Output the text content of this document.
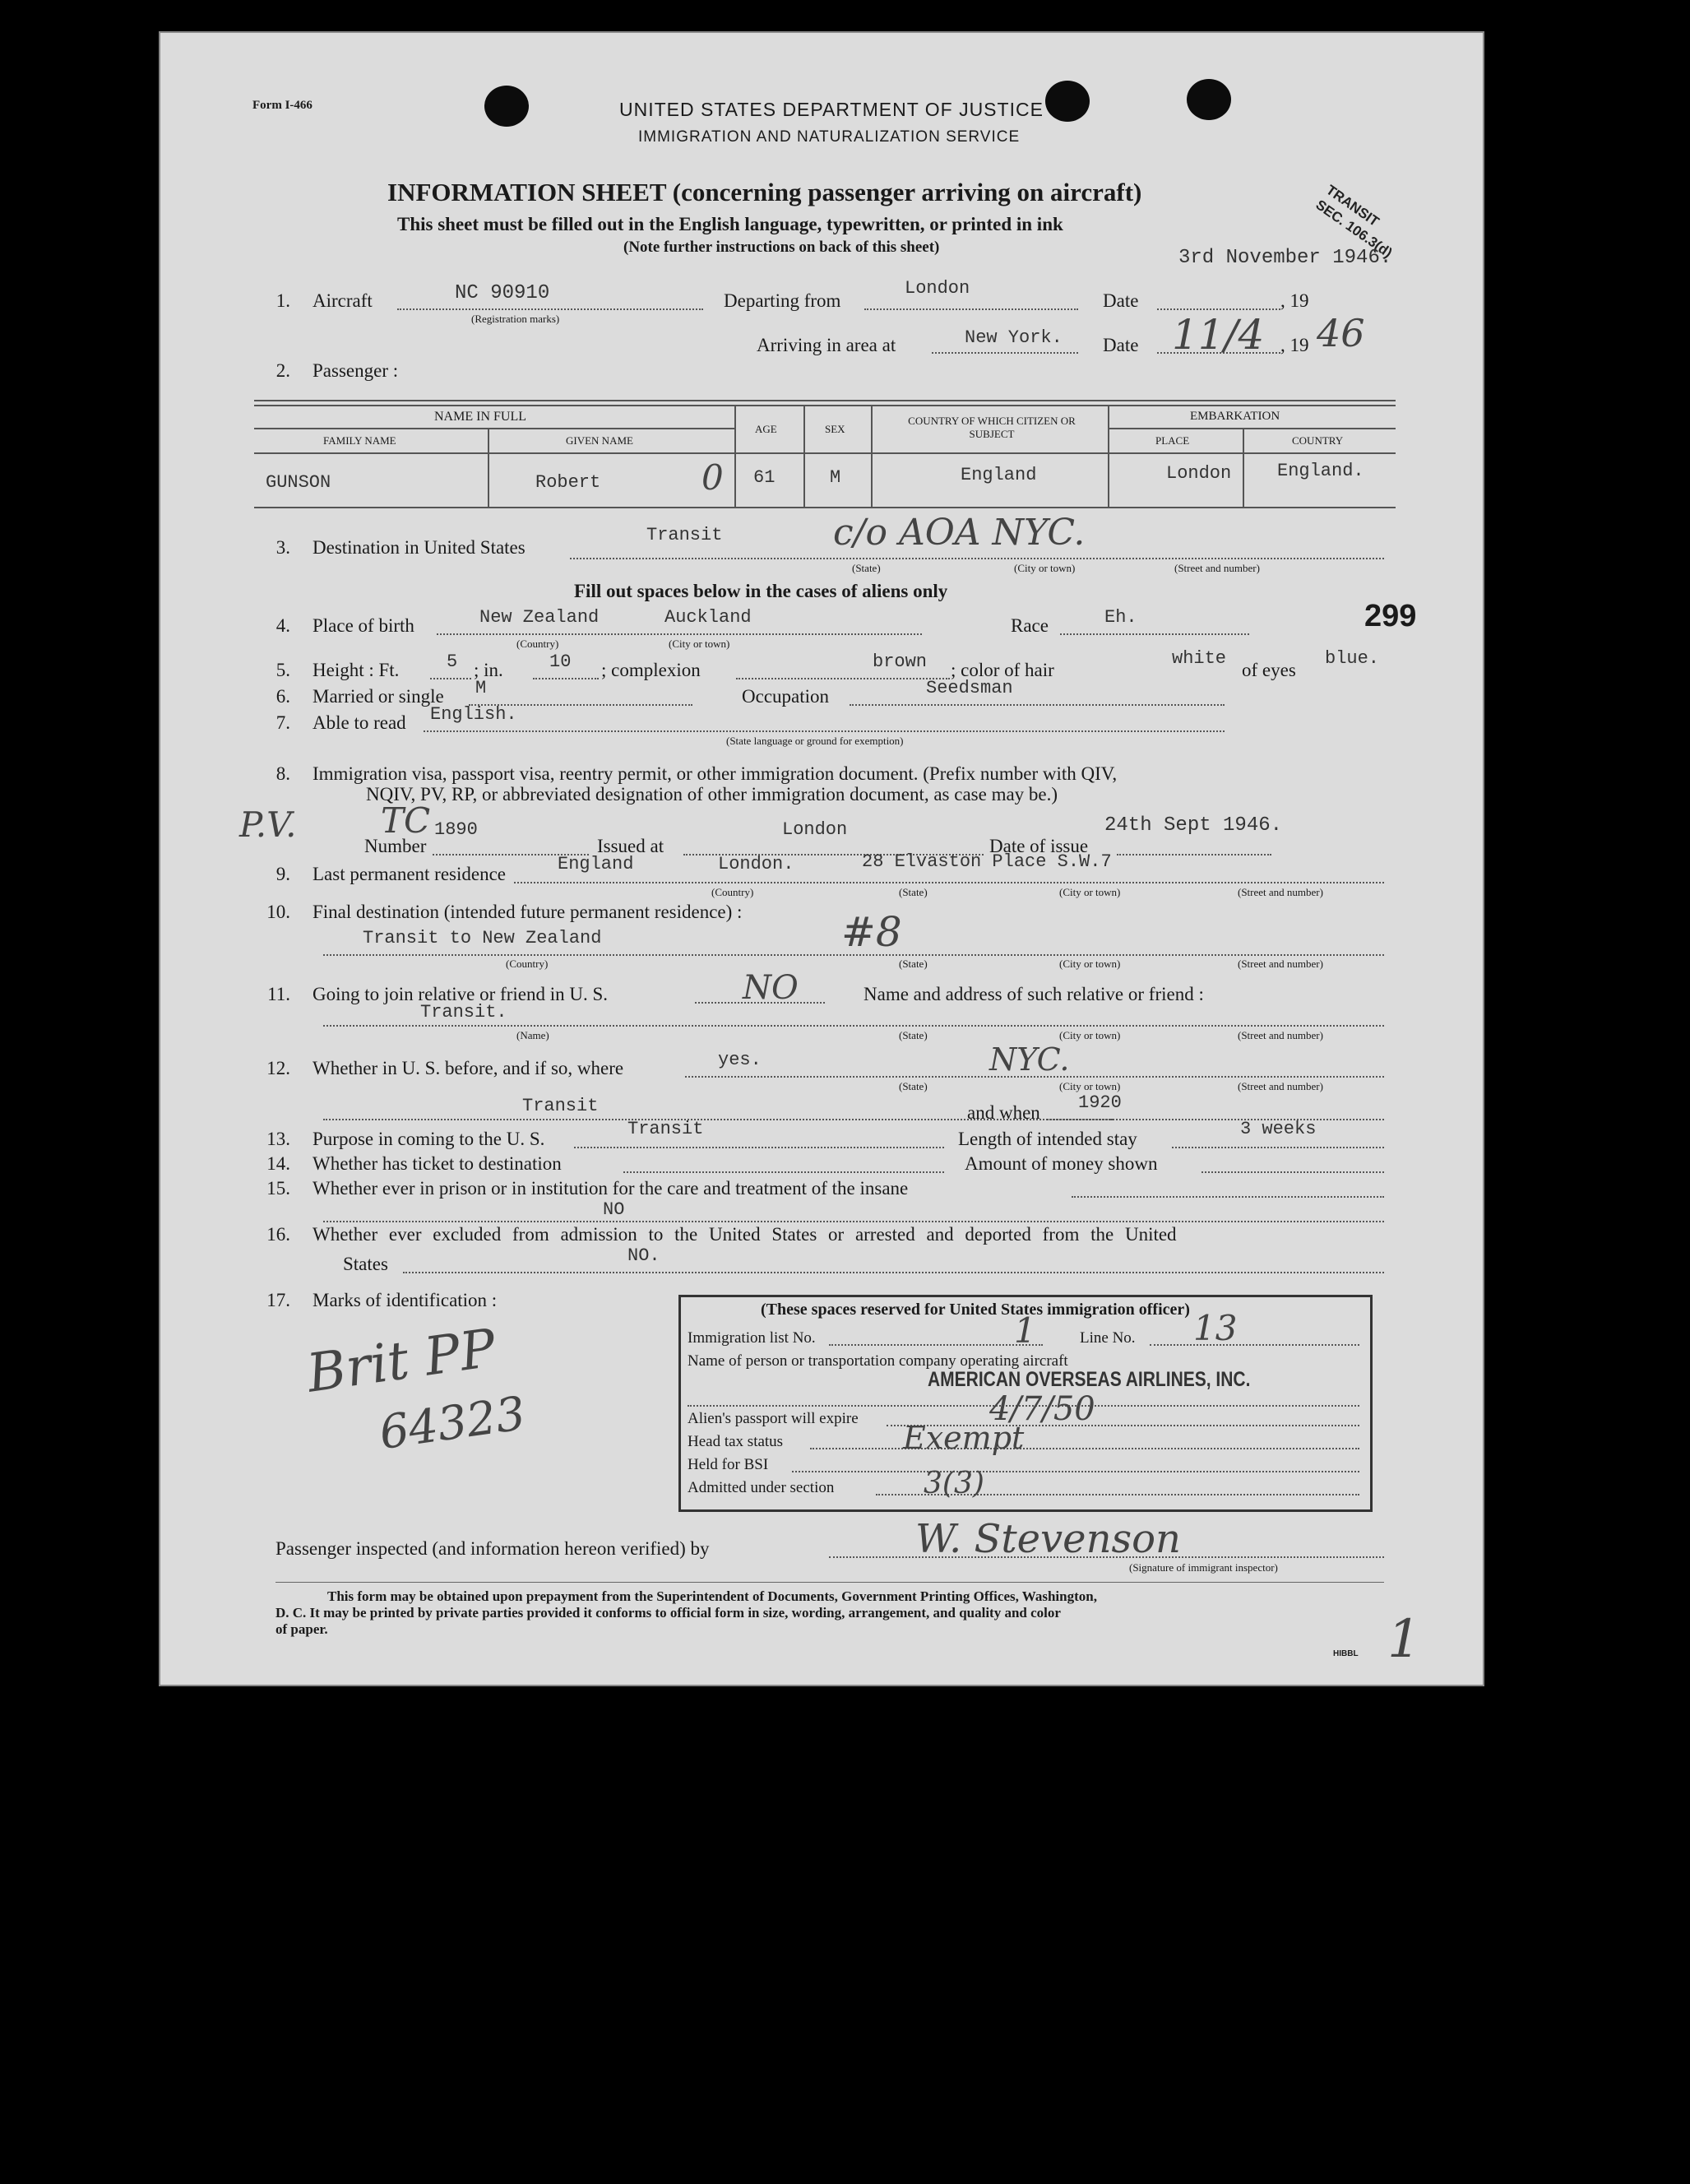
Form I-466	UNITED STATES DEPARTMENT OF JUSTICE
IMMIGRATION AND NATURALIZATION SERVICE
INFORMATION SHEET (concerning passenger arriving on aircraft)
This sheet must be filled out in the English language, typewritten, or printed in ink
(Note further instructions on back of this sheet)
TRANSIT SEC. 106.3(d)
3rd November 1946.
1. Aircraft	NC 90910
(Registration marks)
Departing from
London
Date	, 19
Arriving in area at	New York. Date 11/4 , 19 46
2. Passenger :
NAME IN FULL
FAMILY NAME	GIVEN NAME
AGE	SEX
COUNTRY OF WHICH CITIZEN OR SUBJECT
EMBARKATION
PLACE	COUNTRY
GUNSON	Robert	0 61	M	England	London	England.
3. Destination in United States
Transit	c/o AOA NYC.
(State)	(City or town)	(Street and number)
Fill out spaces below in the cases of aliens only
4. Place of birth	New Zealand	Auckland
(Country)	(City or town)
Race	Eh.	299
5. Height : Ft.	5 ; in.	10 ; complexion	brown ; color of hair
white
of eyes
blue.
6. Married or single M	Occupation	Seedsman
7. Able to read English.
(State language or ground for exemption)
8. Immigration visa, passport visa, reentry permit, or other immigration document. (Prefix number with QIV,
NQIV, PV, RP, or abbreviated designation of other immigration document, as case may be.)
P.V. TC
Number
1890
Issued at
London
Date of issue
24th Sept 1946.
9. Last permanent residence	England	London.	28 Elvaston Place S.W.7
(Country)	(State)	(City or town)	(Street and number)
10. Final destination (intended future permanent residence) :
Transit to New Zealand	#8
(Country)	(State)	(City or town)	(Street and number)
11. Going to join relative or friend in U. S.	NO	Name and address of such relative or friend :
Transit.
(Name)	(State)	(City or town)	(Street and number)
12. Whether in U. S. before, and if so, where	yes.	NYC.
(State)	(City or town)	(Street and number)
Transit	and when 1920
13. Purpose in coming to the U. S.	Transit	Length of intended stay	3 weeks
14. Whether has ticket to destination	Amount of money shown
15. Whether ever in prison or in institution for the care and treatment of the insane
NO
16. Whether ever excluded from admission to the United States or arrested and deported from the United
States	NO.
17. Marks of identification :
Brit PP
64323
(These spaces reserved for United States immigration officer)
Immigration list No.	1	Line No. 13
Name of person or transportation company operating aircraft
AMERICAN OVERSEAS AIRLINES, INC.
Alien's passport will expire	4/7/50
Head tax status	Exempt
Held for BSI
Admitted under section	3(3)
Passenger inspected (and information hereon verified) by	W. Stevenson
(Signature of immigrant inspector)
This form may be obtained upon prepayment from the Superintendent of Documents, Government Printing Offices, Washington,
D. C. It may be printed by private parties provided it conforms to official form in size, wording, arrangement, and quality and color
of paper.
HIBBL 1
